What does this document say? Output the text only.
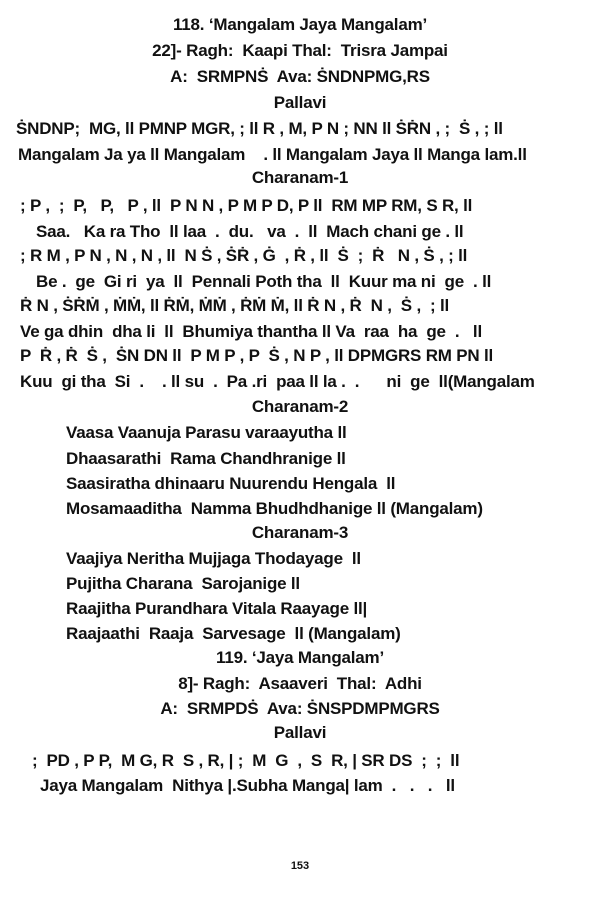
118. ‘Mangalam Jaya Mangalam’
22]- Ragh:  Kaapi Thal:  Trisra Jampai
A:  SRMPNṠ  Ava: ṠNDNPMG,RS
Pallavi
ṠNDNP;  MG, ll PMNP MGR, ; ll R , M, P N ; NN ll ṠṘN , ;  Ṡ , ; ll
Mangalam Ja ya ll Mangalam    . ll Mangalam Jaya ll Manga lam.ll
Charanam-1
; P ,  ;  P,   P,   P , ll  P N N , P M P D, P ll  RM MP RM, S R, ll
Saa.   Ka ra Tho  ll laa  .  du.   va  .  ll  Mach chani ge . ll
; R M , P N , N , N , ll  N Ṡ , ṠṘ , Ġ  , Ṙ , ll  Ṡ  ;  Ṙ   N , Ṡ , ; ll
Be .  ge  Gi ri  ya  ll  Pennali Poth tha  ll  Kuur ma ni  ge  . ll
Ṙ N , ṠṘṀ , ṀṀ, ll ṘṀ, ṀṀ , ṘṀ Ṁ, ll Ṙ N , Ṙ  N ,  Ṡ ,  ; ll
Ve ga dhin  dha li  ll  Bhumiya thantha ll Va  raa  ha  ge  .   ll
P  Ṙ , Ṙ  Ṡ ,  ṠN DN ll  P M P , P  Ṡ , N P , ll DPMGRS RM PN ll
Kuu  gi tha  Si  .    . ll su  .  Pa .ri  paa ll la .  .      ni  ge  ll(Mangalam
Charanam-2
Vaasa Vaanuja Parasu varaayutha ll
Dhaasarathi  Rama Chandhranige ll
Saasiratha dhinaaru Nuurendu Hengala  ll
Mosamaaditha  Namma Bhudhdhanige ll (Mangalam)
Charanam-3
Vaajiya Neritha Mujjaga Thodayage  ll
Pujitha Charana  Sarojanige ll
Raajitha Purandhara Vitala Raayage ll|
Raajaathi  Raaja  Sarvesage  ll (Mangalam)
119. ‘Jaya Mangalam’
8]- Ragh:  Asaaveri  Thal:  Adhi
A:  SRMPDṠ  Ava: ṠNSPDMPMGRS
Pallavi
;  PD , P P,  M G, R  S , R, | ;  M  G  ,  S  R, | SR DS  ;  ;  ll
Jaya Mangalam  Nithya |.Subha Manga| lam  .   .   .   ll
153
